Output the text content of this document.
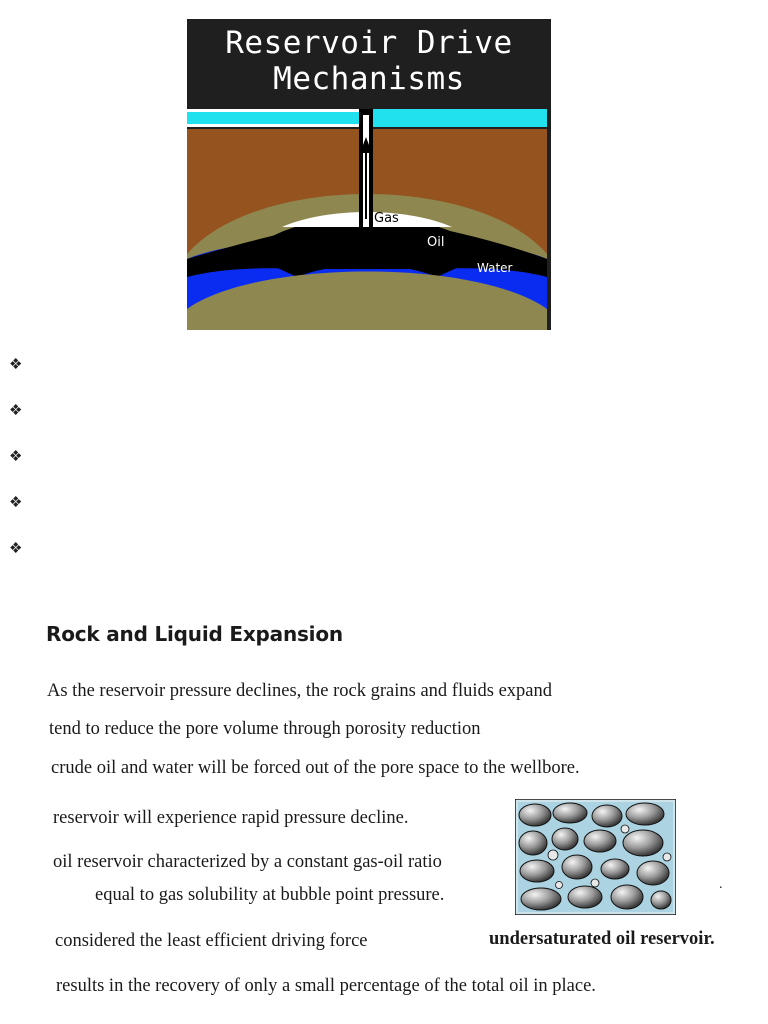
Reservoir Drive
Mechanisms
Gas
Oil
Water
❖
❖
❖
❖
❖
Rock and Liquid Expansion
As the reservoir pressure declines, the rock grains and fluids expand
tend to reduce the pore volume through porosity reduction
crude oil and water will be forced out of the pore space to the wellbore.
reservoir will experience rapid pressure decline.
oil reservoir characterized by a constant gas-oil ratio
equal to gas solubility at bubble point pressure.
considered the least efficient driving force	undersaturated oil reservoir.
results in the recovery of only a small percentage of the total oil in place.
.
